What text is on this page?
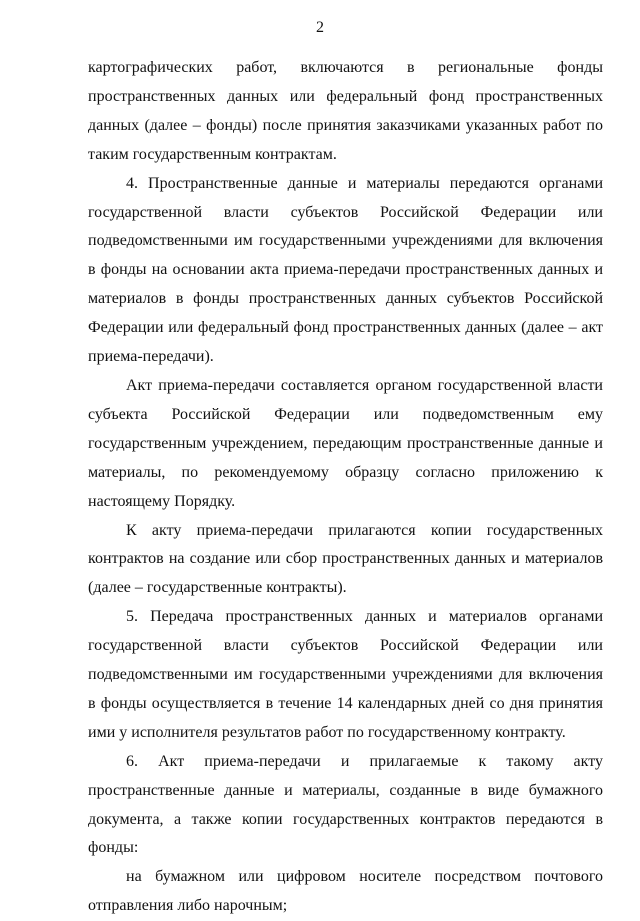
2

картографических работ, включаются в региональные фонды пространственных данных или федеральный фонд пространственных данных (далее – фонды) после принятия заказчиками указанных работ по таким государственным контрактам.

4. Пространственные данные и материалы передаются органами государственной власти субъектов Российской Федерации или подведомственными им государственными учреждениями для включения в фонды на основании акта приема-передачи пространственных данных и материалов в фонды пространственных данных субъектов Российской Федерации или федеральный фонд пространственных данных (далее – акт приема-передачи).

Акт приема-передачи составляется органом государственной власти субъекта Российской Федерации или подведомственным ему государственным учреждением, передающим пространственные данные и материалы, по рекомендуемому образцу согласно приложению к настоящему Порядку.

К акту приема-передачи прилагаются копии государственных контрактов на создание или сбор пространственных данных и материалов (далее – государственные контракты).

5. Передача пространственных данных и материалов органами государственной власти субъектов Российской Федерации или подведомственными им государственными учреждениями для включения в фонды осуществляется в течение 14 календарных дней со дня принятия ими у исполнителя результатов работ по государственному контракту.

6. Акт приема-передачи и прилагаемые к такому акту пространственные данные и материалы, созданные в виде бумажного документа, а также копии государственных контрактов передаются в фонды:

на бумажном или цифровом носителе посредством почтового отправления либо нарочным;
